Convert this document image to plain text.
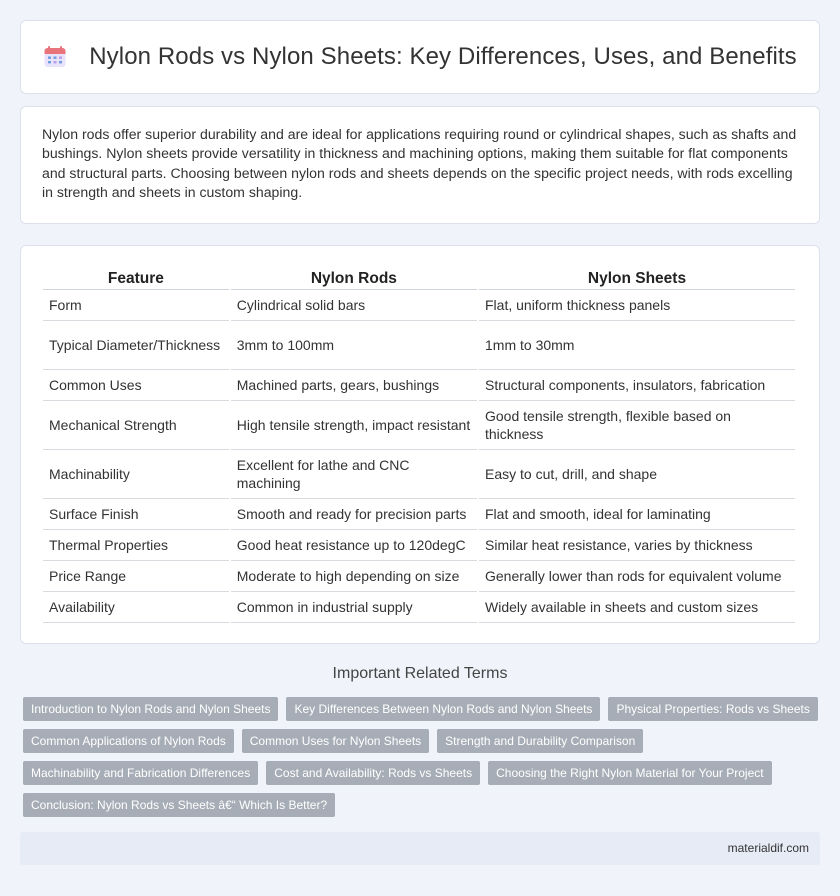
Nylon Rods vs Nylon Sheets: Key Differences, Uses, and Benefits

Nylon rods offer superior durability and are ideal for applications requiring round or cylindrical shapes, such as shafts and bushings. Nylon sheets provide versatility in thickness and machining options, making them suitable for flat components and structural parts. Choosing between nylon rods and sheets depends on the specific project needs, with rods excelling in strength and sheets in custom shaping.

Feature	Nylon Rods	Nylon Sheets
Form	Cylindrical solid bars	Flat, uniform thickness panels
Typical Diameter/Thickness	3mm to 100mm	1mm to 30mm
Common Uses	Machined parts, gears, bushings	Structural components, insulators, fabrication
Mechanical Strength	High tensile strength, impact resistant	Good tensile strength, flexible based on thickness
Machinability	Excellent for lathe and CNC machining	Easy to cut, drill, and shape
Surface Finish	Smooth and ready for precision parts	Flat and smooth, ideal for laminating
Thermal Properties	Good heat resistance up to 120degC	Similar heat resistance, varies by thickness
Price Range	Moderate to high depending on size	Generally lower than rods for equivalent volume
Availability	Common in industrial supply	Widely available in sheets and custom sizes
Important Related Terms
Introduction to Nylon Rods and Nylon Sheets	Key Differences Between Nylon Rods and Nylon Sheets	Physical Properties: Rods vs Sheets
Common Applications of Nylon Rods	Common Uses for Nylon Sheets	Strength and Durability Comparison
Machinability and Fabrication Differences	Cost and Availability: Rods vs Sheets	Choosing the Right Nylon Material for Your Project
Conclusion: Nylon Rods vs Sheets â€“ Which Is Better?
materialdif.com
